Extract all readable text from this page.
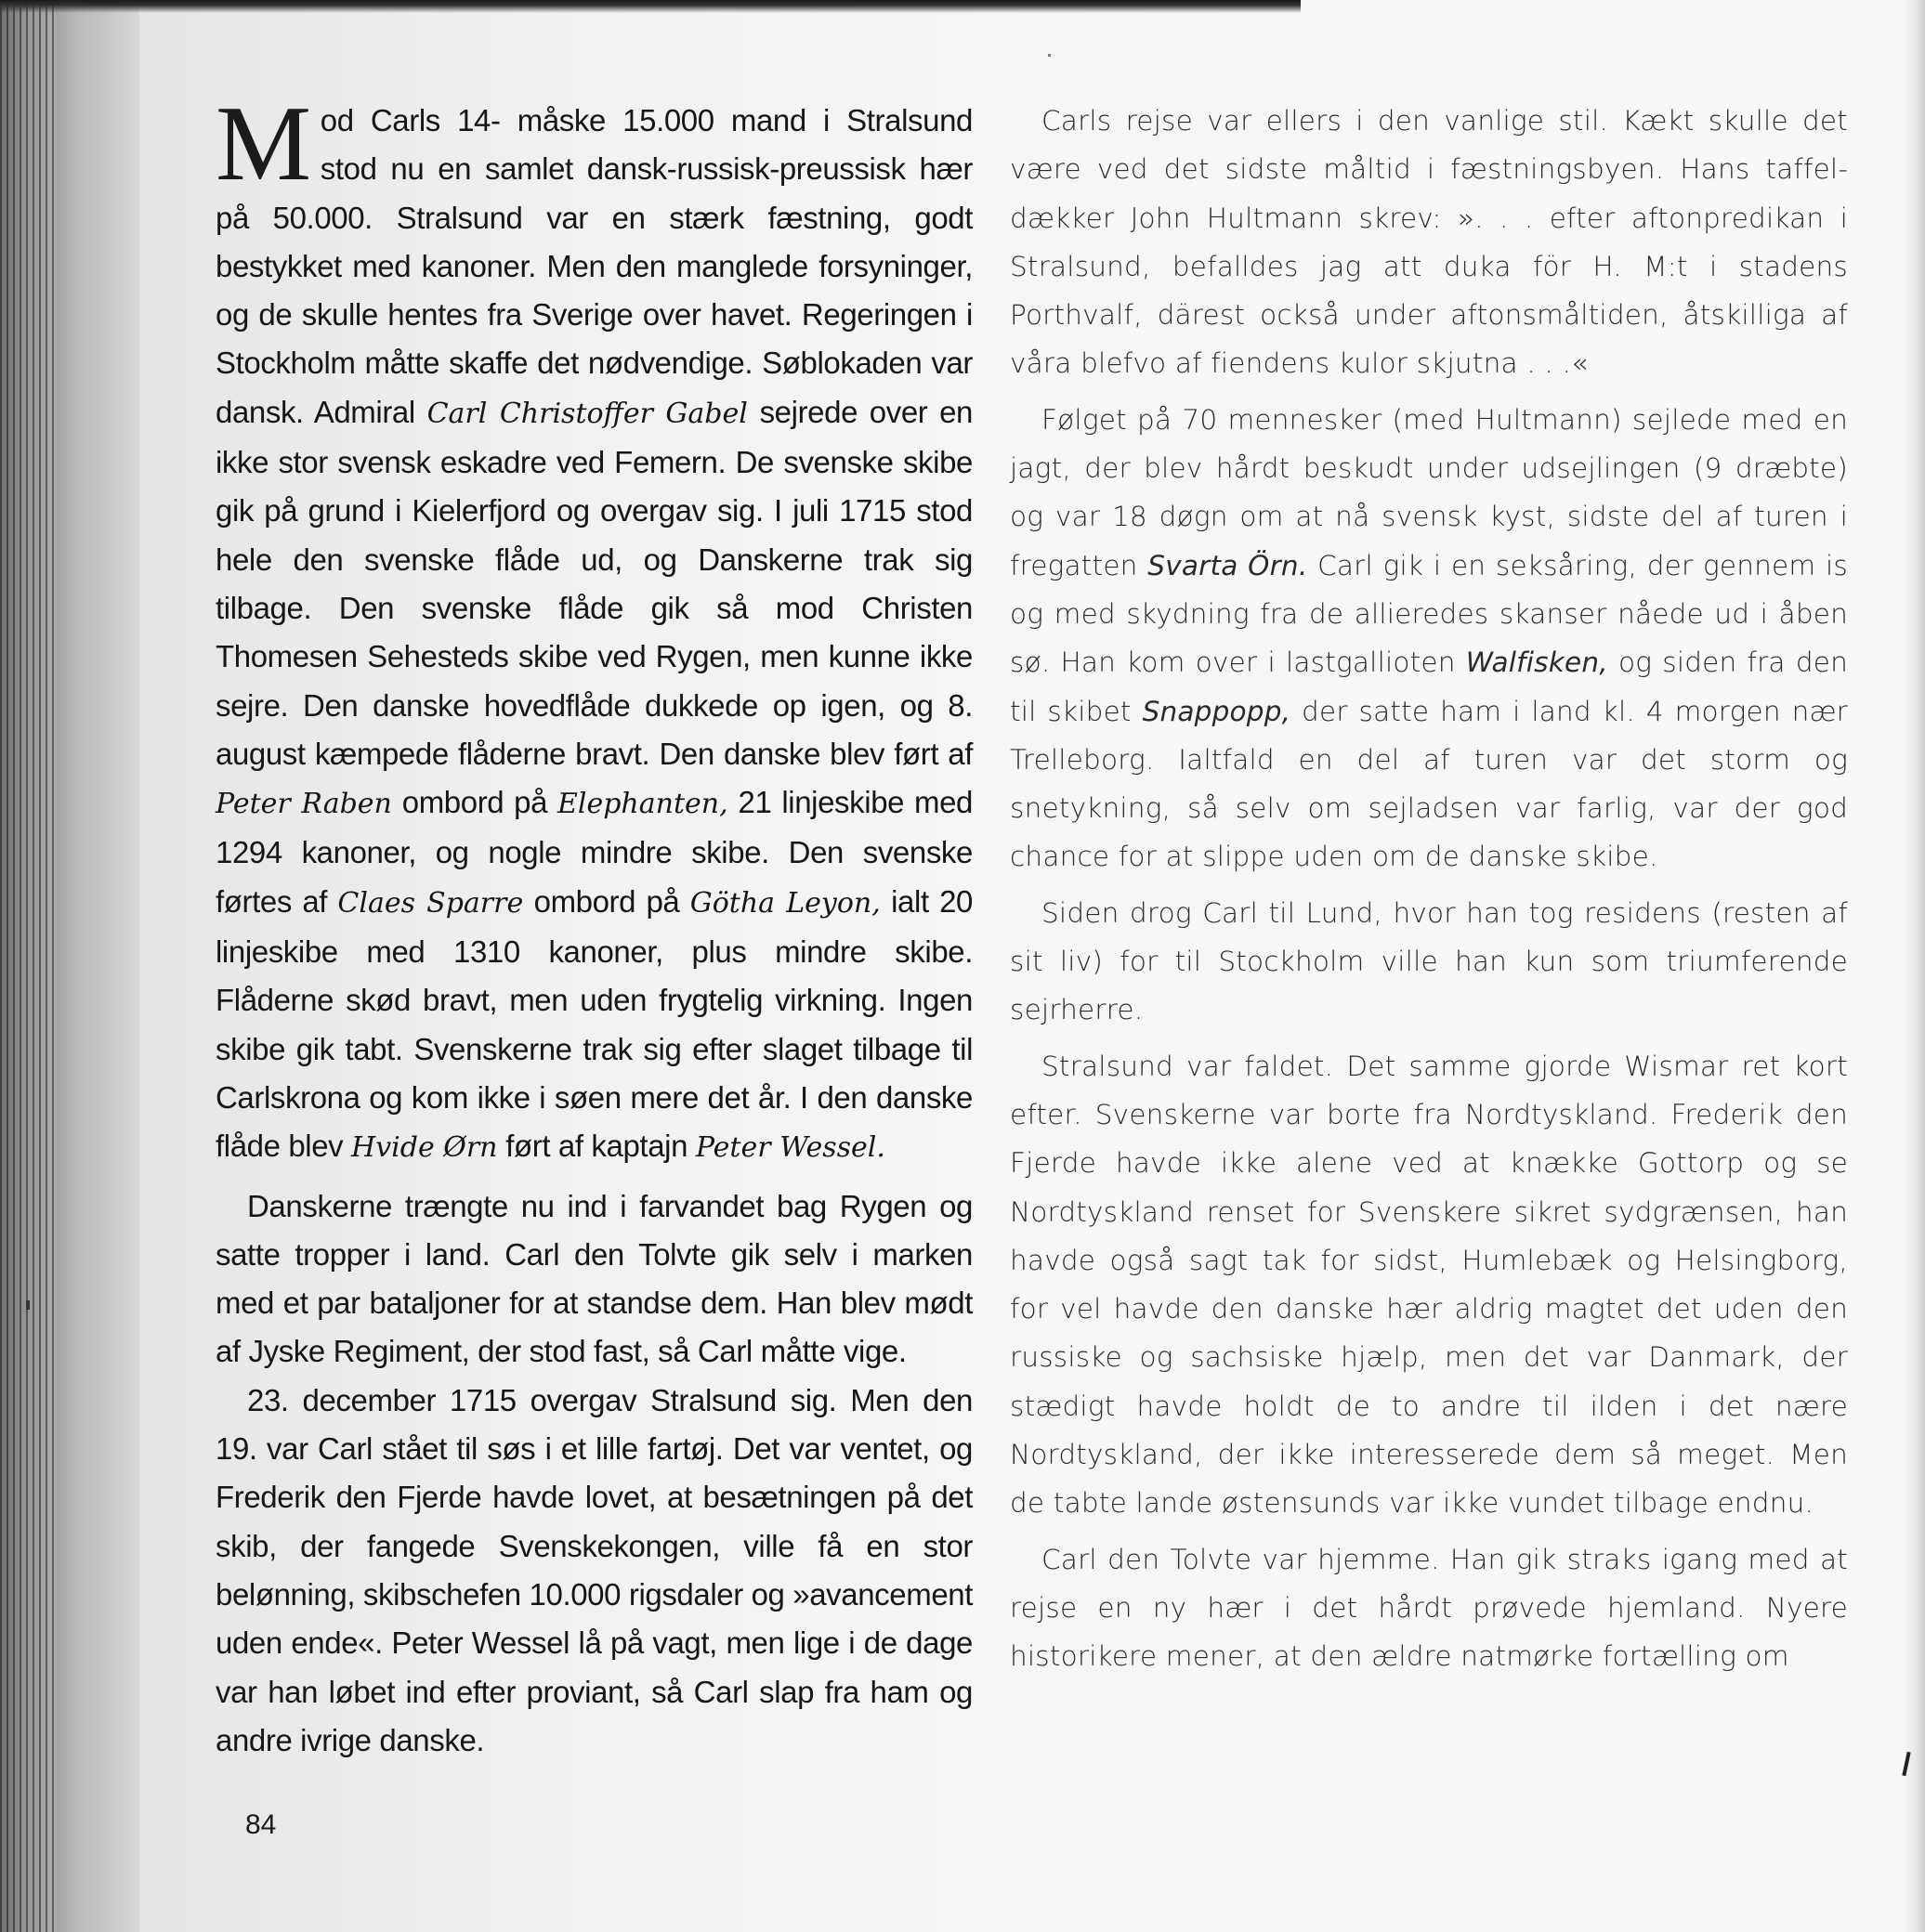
Mod Carls 14- måske 15.000 mand i Stralsund stod nu en samlet dansk-russisk-preussisk hær på 50.000. Stralsund var en stærk fæstning, godt bestykket med kanoner. Men den manglede forsyninger, og de skulle hentes fra Sverige over havet. Regeringen i Stockholm måtte skaffe det nødvendige. Søblokaden var dansk. Admiral Carl Christoffer Gabel sejrede over en ikke stor svensk eskadre ved Femern. De svenske skibe gik på grund i Kielerfjord og overgav sig. I juli 1715 stod hele den svenske flåde ud, og Danskerne trak sig tilbage. Den svenske flåde gik så mod Christen Thomesen Sehesteds skibe ved Rygen, men kunne ikke sejre. Den danske hovedflåde dukkede op igen, og 8. august kæmpede flåderne bravt. Den danske blev ført af Peter Raben ombord på Elephanten, 21 linjeskibe med 1294 kanoner, og nogle mindre skibe. Den svenske førtes af Claes Sparre ombord på Götha Leyon, ialt 20 linjeskibe med 1310 kanoner, plus mindre skibe. Flåderne skød bravt, men uden frygtelig virkning. Ingen skibe gik tabt. Svenskerne trak sig efter slaget tilbage til Carlskrona og kom ikke i søen mere det år. I den danske flåde blev Hvide Ørn ført af kaptajn Peter Wessel.

Danskerne trængte nu ind i farvandet bag Rygen og satte tropper i land. Carl den Tolvte gik selv i marken med et par bataljoner for at standse dem. Han blev mødt af Jyske Regiment, der stod fast, så Carl måtte vige.

23. december 1715 overgav Stralsund sig. Men den 19. var Carl stået til søs i et lille fartøj. Det var ventet, og Frederik den Fjerde havde lovet, at besætningen på det skib, der fangede Svenskekongen, ville få en stor belønning, skibschefen 10.000 rigsdaler og »avancement uden ende«. Peter Wessel lå på vagt, men lige i de dage var han løbet ind efter proviant, så Carl slap fra ham og andre ivrige danske.

Carls rejse var ellers i den vanlige stil. Kækt skulle det være ved det sidste måltid i fæstningsbyen. Hans taffeldækker John Hultmann skrev: ». . . efter aftonpredikan i Stralsund, befalldes jag att duka för H. M:t i stadens Porthvalf, därest också under aftonsmåltiden, åtskilliga af våra blefvo af fiendens kulor skjutna . . .«

Følget på 70 mennesker (med Hultmann) sejlede med en jagt, der blev hårdt beskudt under udsejlingen (9 dræbte) og var 18 døgn om at nå svensk kyst, sidste del af turen i fregatten Svarta Örn. Carl gik i en seksåring, der gennem is og med skydning fra de allieredes skanser nåede ud i åben sø. Han kom over i lastgallioten Walfisken, og siden fra den til skibet Snappopp, der satte ham i land kl. 4 morgen nær Trelleborg. Ialtfald en del af turen var det storm og snetykning, så selv om sejladsen var farlig, var der god chance for at slippe uden om de danske skibe.

Siden drog Carl til Lund, hvor han tog residens (resten af sit liv) for til Stockholm ville han kun som triumferende sejrherre.

Stralsund var faldet. Det samme gjorde Wismar ret kort efter. Svenskerne var borte fra Nordtyskland. Frederik den Fjerde havde ikke alene ved at knække Gottorp og se Nordtyskland renset for Svenskere sikret sydgrænsen, han havde også sagt tak for sidst, Humlebæk og Helsingborg, for vel havde den danske hær aldrig magtet det uden den russiske og sachsiske hjælp, men det var Danmark, der stædigt havde holdt de to andre til ilden i det nære Nordtyskland, der ikke interesserede dem så meget. Men de tabte lande østensunds var ikke vundet tilbage endnu.

Carl den Tolvte var hjemme. Han gik straks igang med at rejse en ny hær i det hårdt prøvede hjemland. Nyere historikere mener, at den ældre natmørke fortælling om

84
